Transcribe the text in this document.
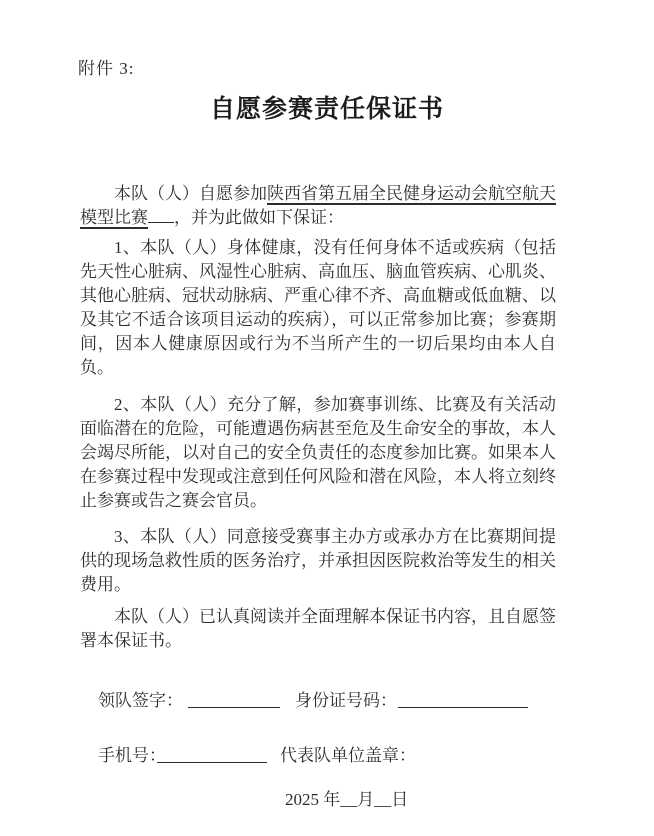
附件 3:
自愿参赛责任保证书

本队（人）自愿参加陕西省第五届全民健身运动会航空航天模型比赛 ，并为此做如下保证：

1、本队（人）身体健康，没有任何身体不适或疾病（包括 先天性心脏病、风湿性心脏病、高血压、脑血管疾病、心肌炎、 其他心脏病、冠状动脉病、严重心律不齐、高血糖或低血糖、以 及其它不适合该项目运动的疾病），可以正常参加比赛；参赛期 间，因本人健康原因或行为不当所产生的一切后果均由本人自负。

2、本队（人）充分了解，参加赛事训练、比赛及有关活动 面临潜在的危险，可能遭遇伤病甚至危及生命安全的事故，本人 会竭尽所能，以对自己的安全负责任的态度参加比赛。如果本人 在参赛过程中发现或注意到任何风险和潜在风险，本人将立刻终止参赛或告之赛会官员。

3、本队（人）同意接受赛事主办方或承办方在比赛期间提供的现场急救性质的医务治疗，并承担因医院救治等发生的相关费用。

本队（人）已认真阅读并全面理解本保证书内容，且自愿签署本保证书。

领队签字：	身份证号码：
手机号：	代表队单位盖章：
2025 年__月__日
